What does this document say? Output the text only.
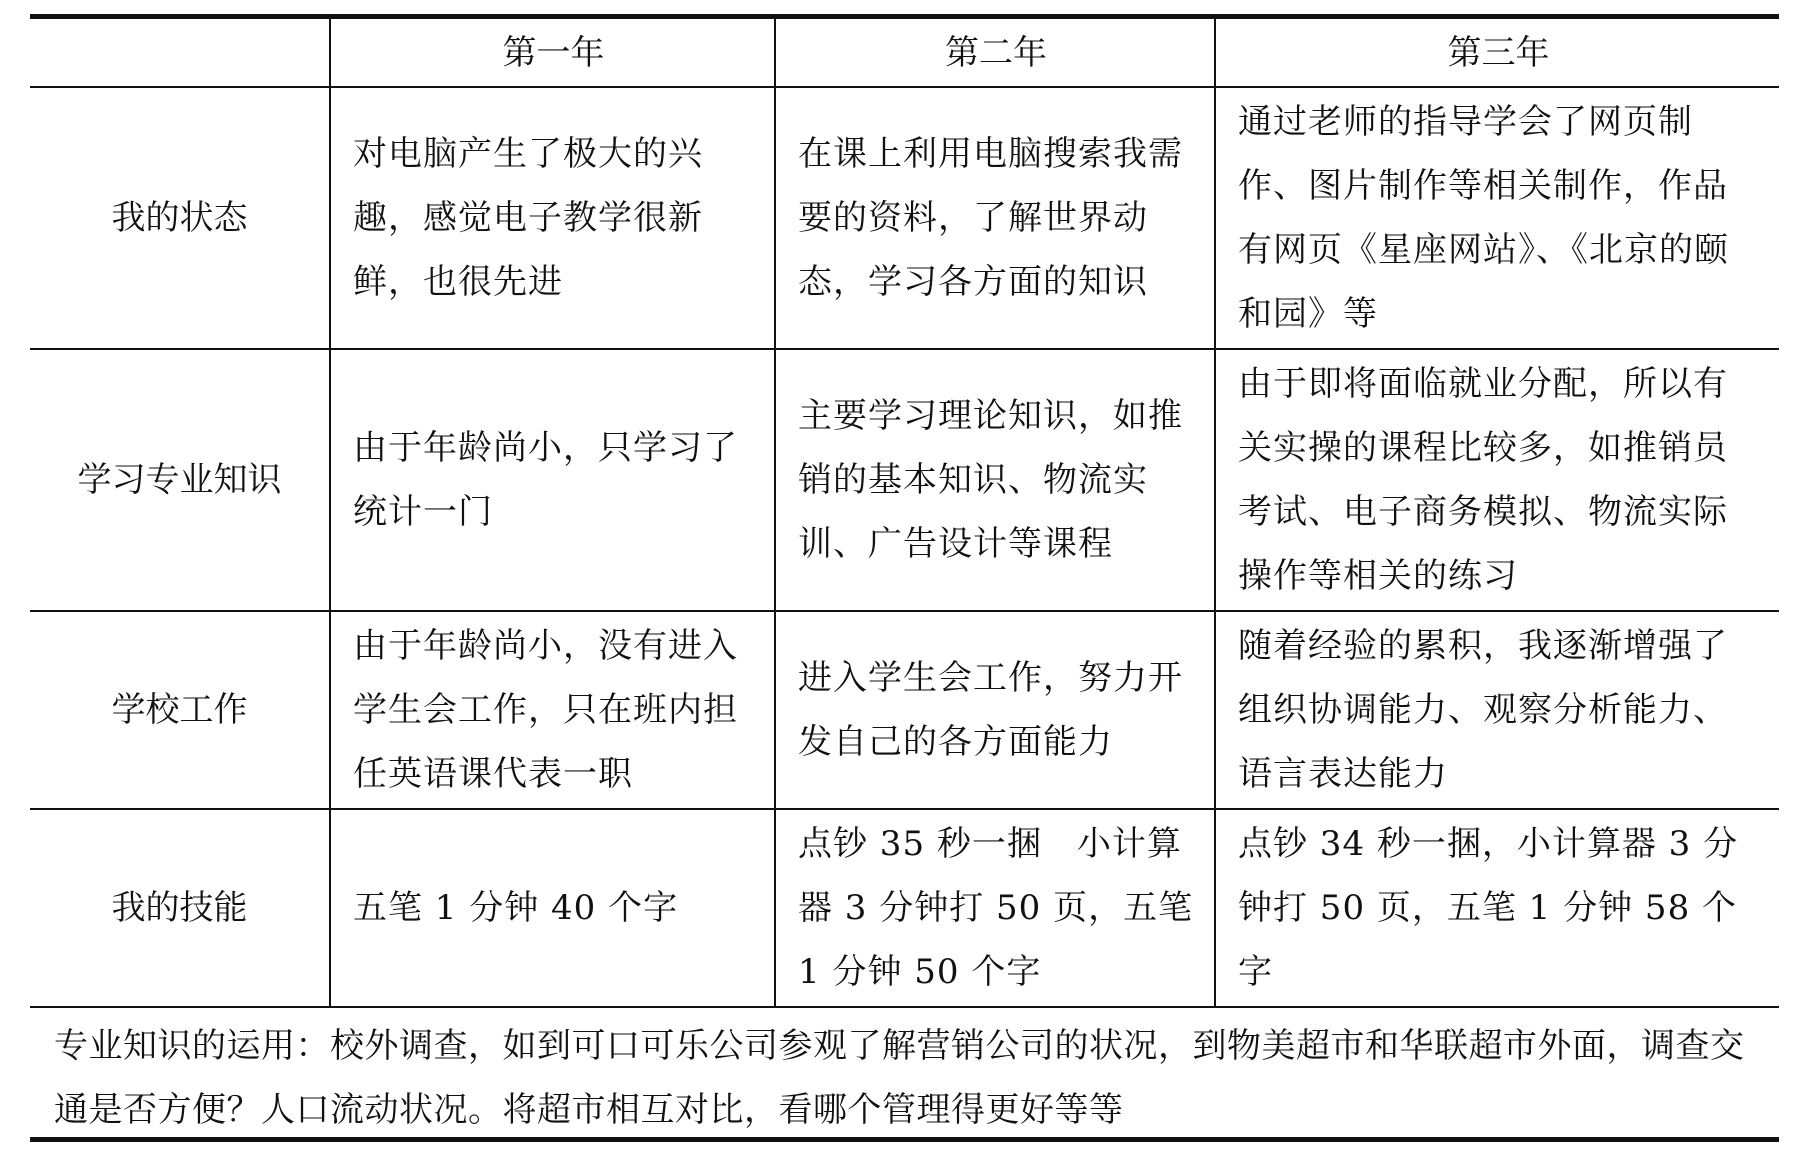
	第一年	第二年	第三年
我的状态	对电脑产生了极大的兴趣，感觉电子教学很新鲜，也很先进	在课上利用电脑搜索我需要的资料，了解世界动态，学习各方面的知识	通过老师的指导学会了网页制作、图片制作等相关制作，作品有网页《星座网站》、《北京的颐和园》等
学习专业知识	由于年龄尚小，只学习了统计一门	主要学习理论知识，如推销的基本知识、物流实训、广告设计等课程	由于即将面临就业分配，所以有关实操的课程比较多，如推销员考试、电子商务模拟、物流实际操作等相关的练习
学校工作	由于年龄尚小，没有进入学生会工作，只在班内担任英语课代表一职	进入学生会工作，努力开发自己的各方面能力	随着经验的累积，我逐渐增强了组织协调能力、观察分析能力、语言表达能力
我的技能	五笔 1 分钟 40 个字	点钞 35 秒一捆　小计算器 3 分钟打 50 页，五笔 1 分钟 50 个字	点钞 34 秒一捆，小计算器 3 分钟打 50 页，五笔 1 分钟 58 个字
专业知识的运用：校外调查，如到可口可乐公司参观了解营销公司的状况，到物美超市和华联超市外面，调查交通是否方便？人口流动状况。将超市相互对比，看哪个管理得更好等等
